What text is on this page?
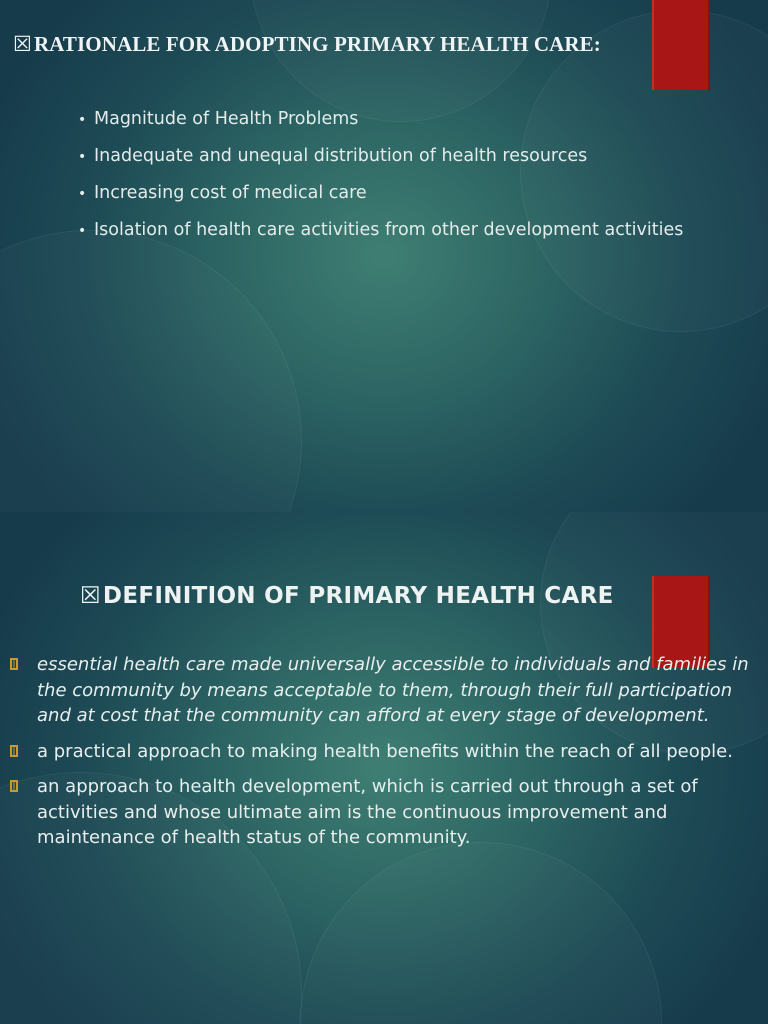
☒RATIONALE FOR ADOPTING PRIMARY HEALTH CARE:
• Magnitude of Health Problems
• Inadequate and unequal distribution of health resources
• Increasing cost of medical care
• Isolation of health care activities from other development activities
☒DEFINITION OF PRIMARY HEALTH CARE
essential health care made universally accessible to individuals and families in the community by means acceptable to them, through their full participation and at cost that the community can afford at every stage of development.
a practical approach to making health benefits within the reach of all people.
an approach to health development, which is carried out through a set of activities and whose ultimate aim is the continuous improvement and maintenance of health status of the community.
